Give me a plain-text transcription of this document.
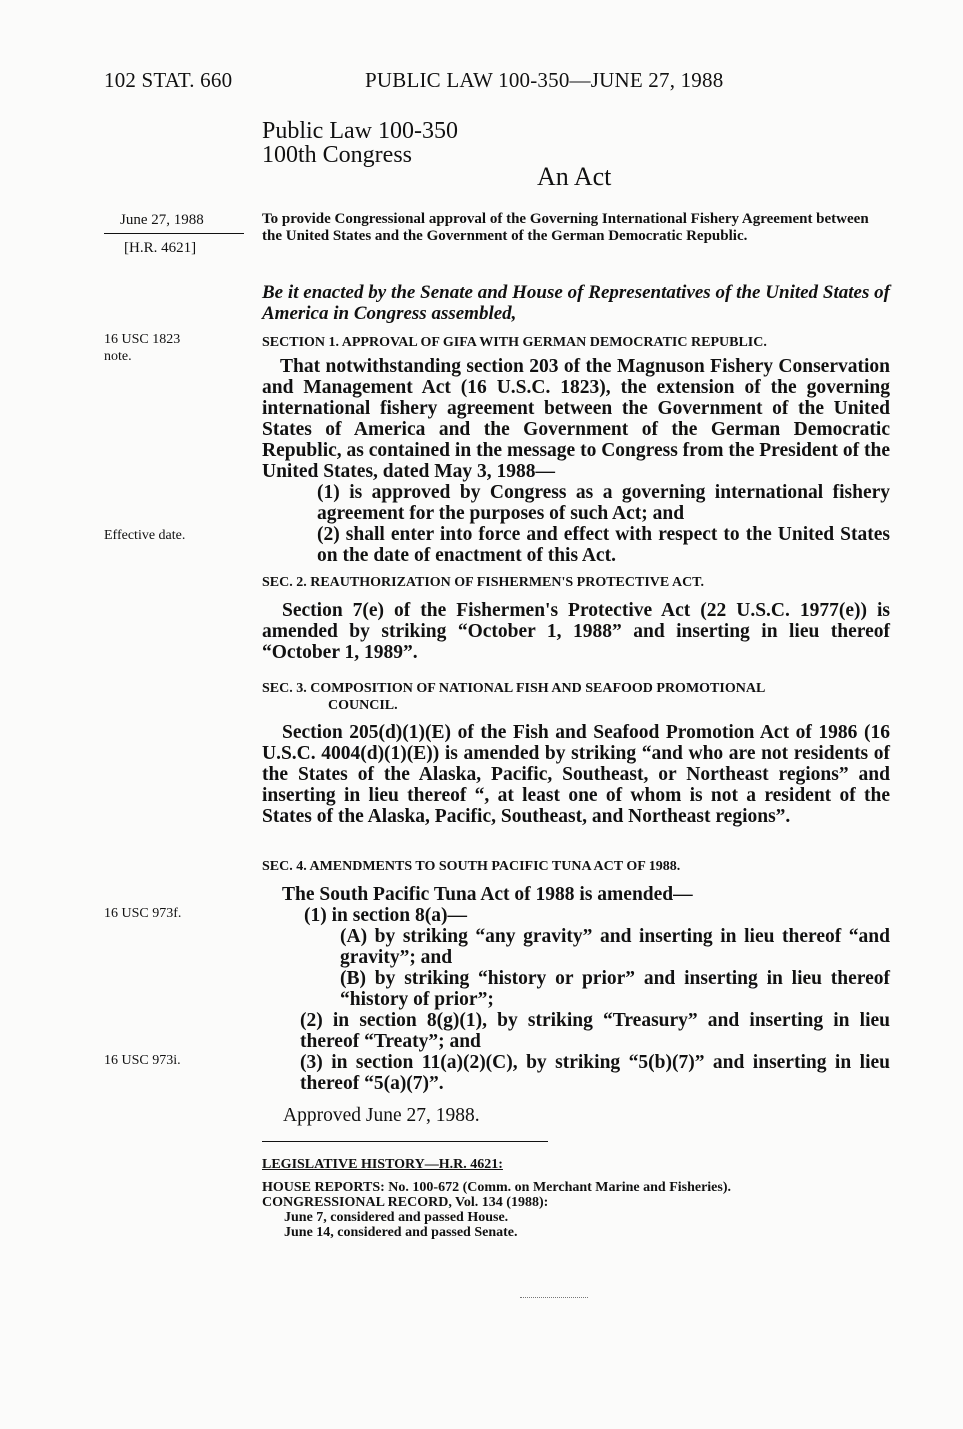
102 STAT. 660	PUBLIC LAW 100-350—JUNE 27, 1988
Public Law 100-350
100th Congress
An Act
June 27, 1988
[H.R. 4621]
16 USC 1823
note.
Effective date.
16 USC 973f.
16 USC 973i.
To provide Congressional approval of the Governing International Fishery Agreement between the United States and the Government of the German Democratic Republic.
Be it enacted by the Senate and House of Representatives of the United States of America in Congress assembled,
SECTION 1. APPROVAL OF GIFA WITH GERMAN DEMOCRATIC REPUBLIC.

That notwithstanding section 203 of the Magnuson Fishery Conservation and Management Act (16 U.S.C. 1823), the extension of the governing international fishery agreement between the Government of the United States of America and the Government of the German Democratic Republic, as contained in the message to Congress from the President of the United States, dated May 3, 1988—

(1) is approved by Congress as a governing international fishery agreement for the purposes of such Act; and

(2) shall enter into force and effect with respect to the United States on the date of enactment of this Act.

SEC. 2. REAUTHORIZATION OF FISHERMEN'S PROTECTIVE ACT.
Section 7(e) of the Fishermen's Protective Act (22 U.S.C. 1977(e)) is amended by striking “October 1, 1988” and inserting in lieu thereof “October 1, 1989”.
SEC. 3. COMPOSITION OF NATIONAL FISH AND SEAFOOD PROMOTIONAL
COUNCIL.
Section 205(d)(1)(E) of the Fish and Seafood Promotion Act of 1986 (16 U.S.C. 4004(d)(1)(E)) is amended by striking “and who are not residents of the States of the Alaska, Pacific, Southeast, or Northeast regions” and inserting in lieu thereof “, at least one of whom is not a resident of the States of the Alaska, Pacific, Southeast, and Northeast regions”.
SEC. 4. AMENDMENTS TO SOUTH PACIFIC TUNA ACT OF 1988.

The South Pacific Tuna Act of 1988 is amended—

(1) in section 8(a)—

(A) by striking “any gravity” and inserting in lieu thereof “and gravity”; and

(B) by striking “history or prior” and inserting in lieu thereof “history of prior”;

(2) in section 8(g)(1), by striking “Treasury” and inserting in lieu thereof “Treaty”; and

(3) in section 11(a)(2)(C), by striking “5(b)(7)” and inserting in lieu thereof “5(a)(7)”.

Approved June 27, 1988.
LEGISLATIVE HISTORY—H.R. 4621:
HOUSE REPORTS: No. 100-672 (Comm. on Merchant Marine and Fisheries).
CONGRESSIONAL RECORD, Vol. 134 (1988):
June 7, considered and passed House.
June 14, considered and passed Senate.
